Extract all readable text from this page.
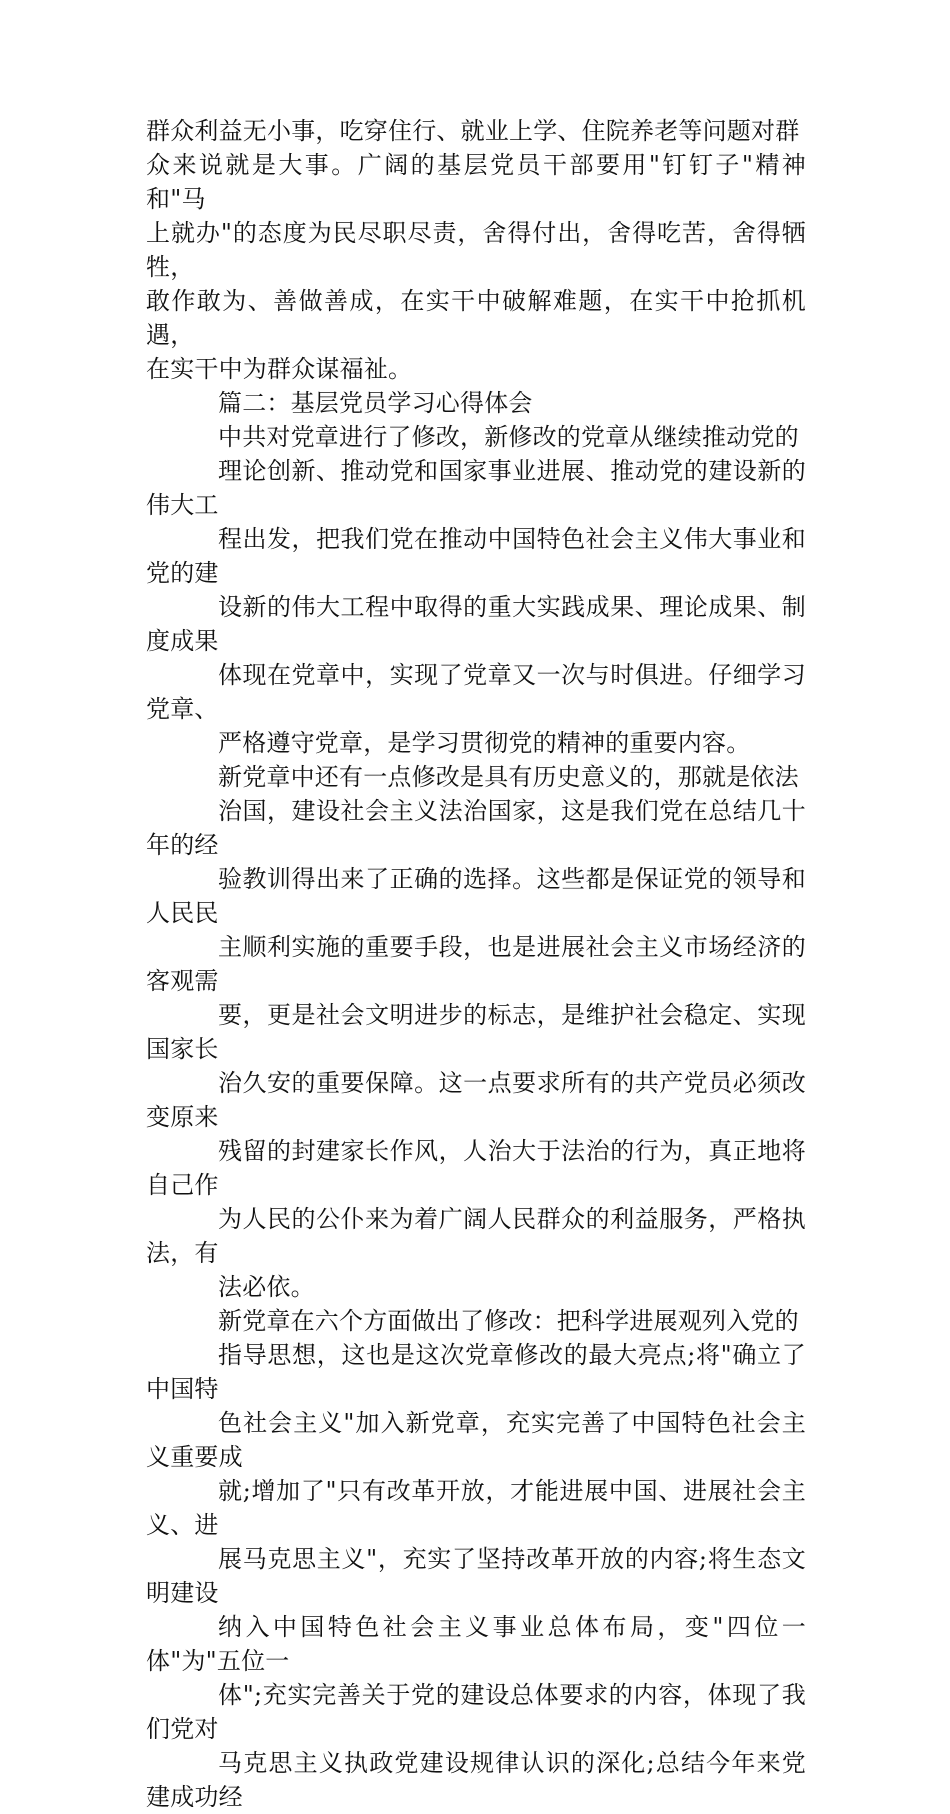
群众利益无小事，吃穿住行、就业上学、住院养老等问题对群
众来说就是大事。广阔的基层党员干部要用"钉钉子"精神和"马
上就办"的态度为民尽职尽责，舍得付出，舍得吃苦，舍得牺牲，
敢作敢为、善做善成，在实干中破解难题，在实干中抢抓机遇，
在实干中为群众谋福祉。
篇二：基层党员学习心得体会
中共对党章进行了修改，新修改的党章从继续推动党的
理论创新、推动党和国家事业进展、推动党的建设新的伟大工
程出发，把我们党在推动中国特色社会主义伟大事业和党的建
设新的伟大工程中取得的重大实践成果、理论成果、制度成果
体现在党章中，实现了党章又一次与时俱进。仔细学习党章、
严格遵守党章，是学习贯彻党的精神的重要内容。
新党章中还有一点修改是具有历史意义的，那就是依法
治国，建设社会主义法治国家，这是我们党在总结几十年的经
验教训得出来了正确的选择。这些都是保证党的领导和人民民
主顺利实施的重要手段，也是进展社会主义市场经济的客观需
要，更是社会文明进步的标志，是维护社会稳定、实现国家长
治久安的重要保障。这一点要求所有的共产党员必须改变原来
残留的封建家长作风，人治大于法治的行为，真正地将自己作
为人民的公仆来为着广阔人民群众的利益服务，严格执法，有
法必依。
新党章在六个方面做出了修改：把科学进展观列入党的
指导思想，这也是这次党章修改的最大亮点;将"确立了中国特
色社会主义"加入新党章，充实完善了中国特色社会主义重要成
就;增加了"只有改革开放，才能进展中国、进展社会主义、进
展马克思主义"，充实了坚持改革开放的内容;将生态文明建设
纳入中国特色社会主义事业总体布局，变"四位一体"为"五位一
体";充实完善关于党的建设总体要求的内容，体现了我们党对
马克思主义执政党建设规律认识的深化;总结今年来党建成功经
